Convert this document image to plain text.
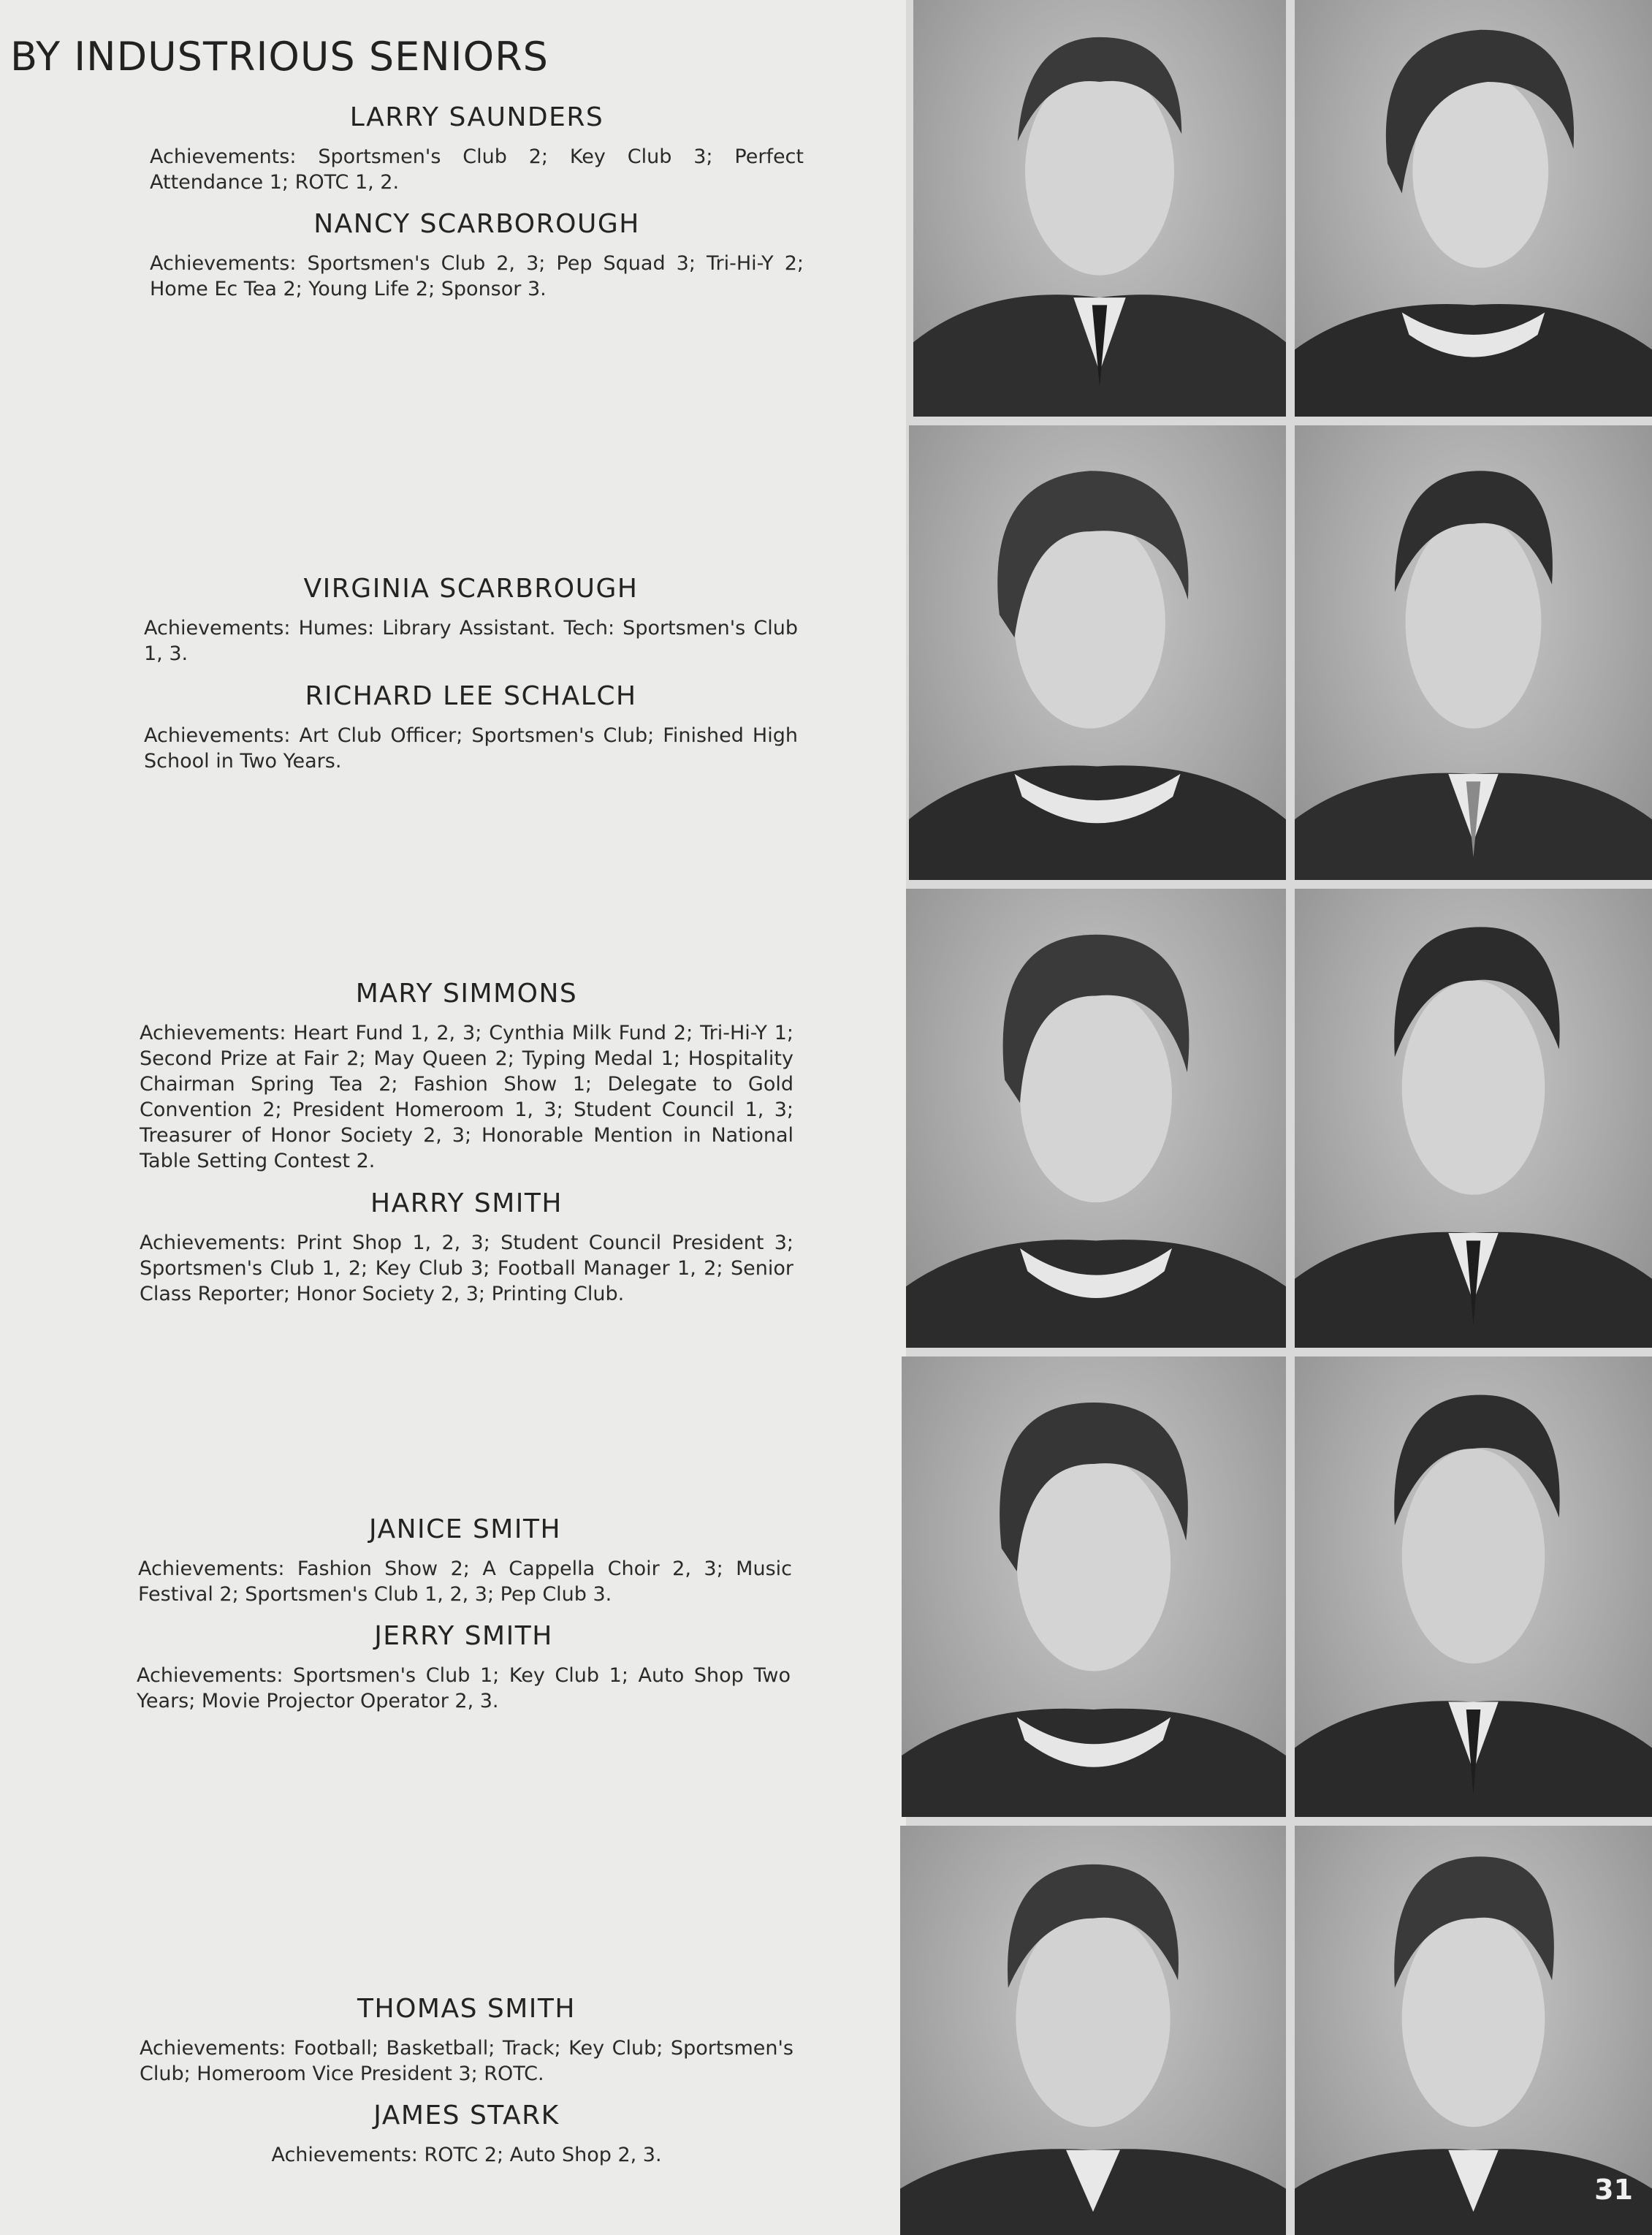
BY INDUSTRIOUS SENIORS
LARRY SAUNDERS

Achievements: Sportsmen's Club 2; Key Club 3; Perfect Attendance 1; ROTC 1, 2.

NANCY SCARBOROUGH

Achievements: Sportsmen's Club 2, 3; Pep Squad 3; Tri-Hi-Y 2; Home Ec Tea 2; Young Life 2; Sponsor 3.

VIRGINIA SCARBROUGH

Achievements: Humes: Library Assistant. Tech: Sportsmen's Club 1, 3.

RICHARD LEE SCHALCH

Achievements: Art Club Officer; Sportsmen's Club; Finished High School in Two Years.

MARY SIMMONS

Achievements: Heart Fund 1, 2, 3; Cynthia Milk Fund 2; Tri-Hi-Y 1; Second Prize at Fair 2; May Queen 2; Typing Medal 1; Hospitality Chairman Spring Tea 2; Fashion Show 1; Delegate to Gold Convention 2; President Homeroom 1, 3; Student Council 1, 3; Treasurer of Honor Society 2, 3; Honorable Mention in National Table Setting Contest 2.

HARRY SMITH

Achievements: Print Shop 1, 2, 3; Student Council President 3; Sportsmen's Club 1, 2; Key Club 3; Football Manager 1, 2; Senior Class Reporter; Honor Society 2, 3; Printing Club.

JANICE SMITH

Achievements: Fashion Show 2; A Cappella Choir 2, 3; Music Festival 2; Sportsmen's Club 1, 2, 3; Pep Club 3.

JERRY SMITH

Achievements: Sportsmen's Club 1; Key Club 1; Auto Shop Two Years; Movie Projector Operator 2, 3.

THOMAS SMITH

Achievements: Football; Basketball; Track; Key Club; Sportsmen's Club; Homeroom Vice President 3; ROTC.

JAMES STARK

Achievements: ROTC 2; Auto Shop 2, 3.

31
